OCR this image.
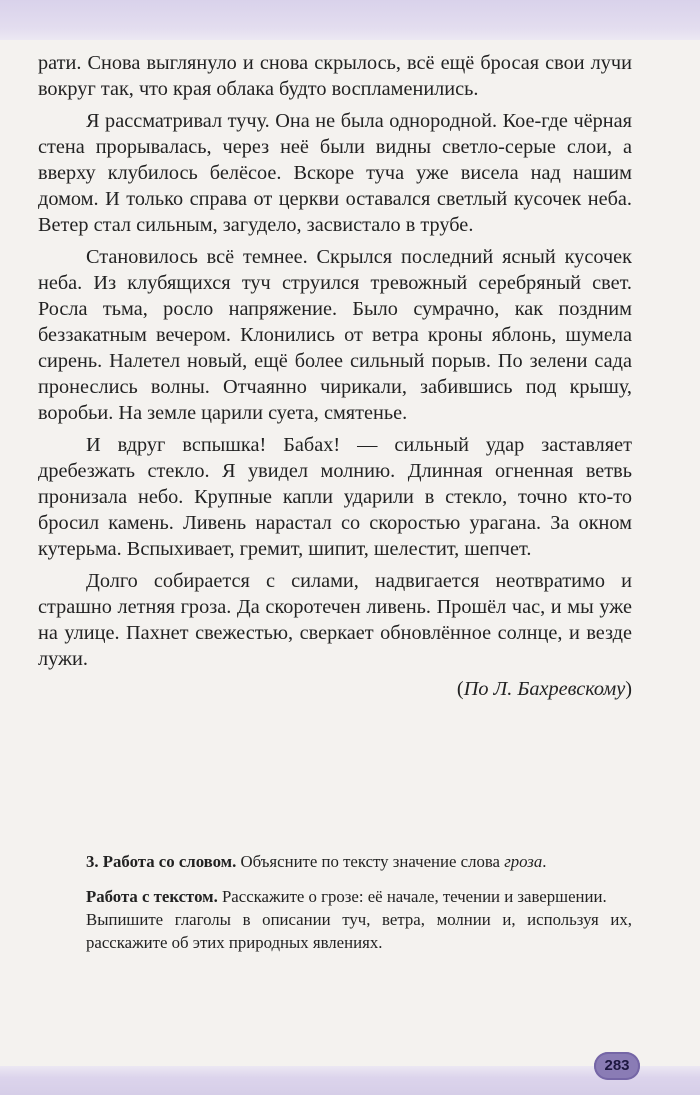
рати. Снова выглянуло и снова скрылось, всё ещё бросая свои лучи вокруг так, что края облака будто воспламенились.

Я рассматривал тучу. Она не была однородной. Кое-где чёрная стена прорывалась, через неё были видны светло-серые слои, а вверху клубилось белёсое. Вскоре туча уже висела над нашим домом. И только справа от церкви оставался светлый кусочек неба. Ветер стал сильным, загудело, засвистало в трубе.

Становилось всё темнее. Скрылся последний ясный кусочек неба. Из клубящихся туч струился тревожный серебряный свет. Росла тьма, росло напряжение. Было сумрачно, как поздним беззакатным вечером. Клонились от ветра кроны яблонь, шумела сирень. Налетел новый, ещё более сильный порыв. По зелени сада пронеслись волны. Отчаянно чирикали, забившись под крышу, воробьи. На земле царили суета, смятенье.

И вдруг вспышка! Бабах! — сильный удар заставляет дребезжать стекло. Я увидел молнию. Длинная огненная ветвь пронизала небо. Крупные капли ударили в стекло, точно кто-то бросил камень. Ливень нарастал со скоростью урагана. За окном кутерьма. Вспыхивает, гремит, шипит, шелестит, шепчет.

Долго собирается с силами, надвигается неотвратимо и страшно летняя гроза. Да скоротечен ливень. Прошёл час, и мы уже на улице. Пахнет свежестью, сверкает обновлённое солнце, и везде лужи.

(По Л. Бахревскому)

3. Работа со словом. Объясните по тексту значение слова гроза.

Работа с текстом. Расскажите о грозе: её начале, течении и завершении.

Выпишите глаголы в описании туч, ветра, молнии и, используя их, расскажите об этих природных явлениях.

283
